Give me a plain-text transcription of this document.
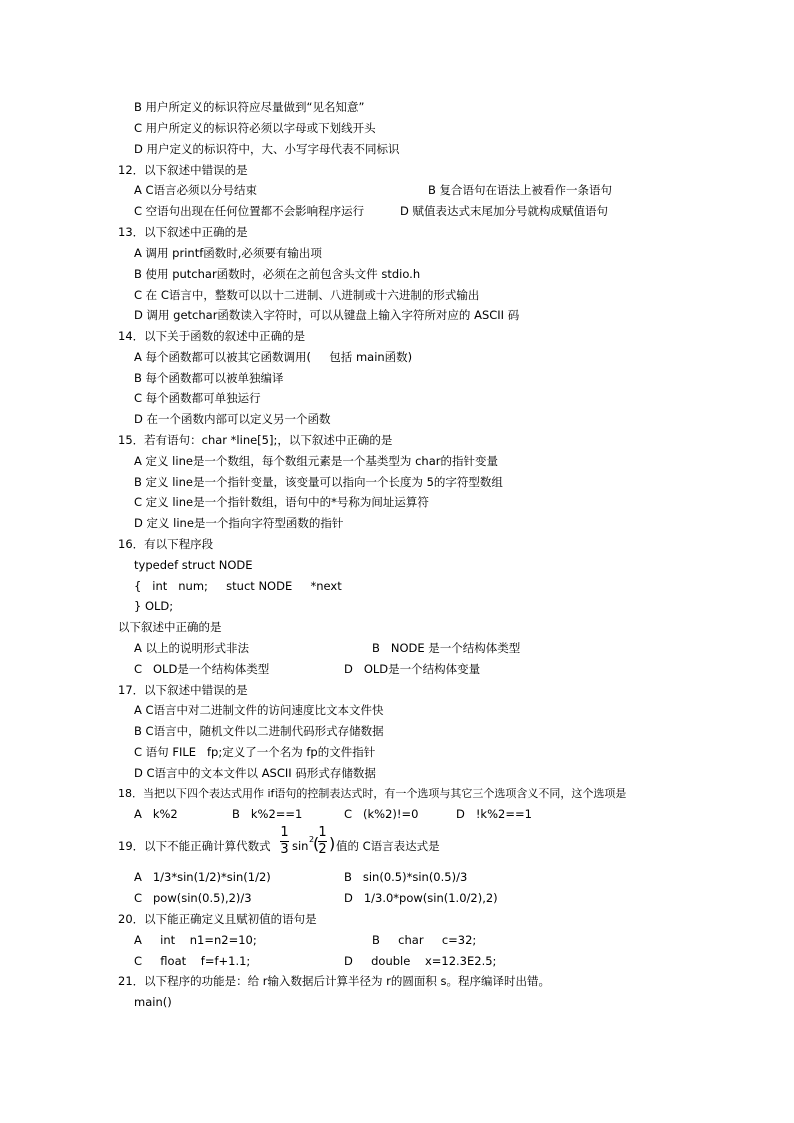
B 用户所定义的标识符应尽量做到“见名知意”
C 用户所定义的标识符必须以字母或下划线开头
D 用户定义的标识符中，大、小写字母代表不同标识
12．以下叙述中错误的是
A C语言必须以分号结束	B 复合语句在语法上被看作一条语句
C 空语句出现在任何位置都不会影响程序运行	D 赋值表达式末尾加分号就构成赋值语句
13．以下叙述中正确的是
A 调用 printf函数时,必须要有输出项
B 使用 putchar函数时，必须在之前包含头文件 stdio.h
C 在 C语言中，整数可以以十二进制、八进制或十六进制的形式输出
D 调用 getchar函数读入字符时，可以从键盘上输入字符所对应的 ASCII 码
14．以下关于函数的叙述中正确的是
A 每个函数都可以被其它函数调用(     包括 main函数)
B 每个函数都可以被单独编译
C 每个函数都可单独运行
D 在一个函数内部可以定义另一个函数
15．若有语句：char *line[5];，以下叙述中正确的是
A 定义 line是一个数组，每个数组元素是一个基类型为 char的指针变量
B 定义 line是一个指针变量，该变量可以指向一个长度为 5的字符型数组
C 定义 line是一个指针数组，语句中的*号称为间址运算符
D 定义 line是一个指向字符型函数的指针
16．有以下程序段
typedef struct NODE
{   int   num;     stuct NODE     *next
} OLD;
以下叙述中正确的是
A 以上的说明形式非法	B   NODE 是一个结构体类型
C   OLD是一个结构体类型	D   OLD是一个结构体变量
17．以下叙述中错误的是
A C语言中对二进制文件的访问速度比文本文件快
B C语言中，随机文件以二进制代码形式存储数据
C 语句 FILE   fp;定义了一个名为 fp的文件指针
D C语言中的文本文件以 ASCII 码形式存储数据
18．当把以下四个表达式用作 if语句的控制表达式时，有一个选项与其它三个选项含义不同，这个选项是
A   k%2	B   k%2==1	C   (k%2)!=0	D   !k%2==1
19．以下不能正确计算代数式
1
3 sin 2
(
1
2 ) 值的 C语言表达式是
A   1/3*sin(1/2)*sin(1/2)	B   sin(0.5)*sin(0.5)/3
C   pow(sin(0.5),2)/3	D   1/3.0*pow(sin(1.0/2),2)
20．以下能正确定义且赋初值的语句是
A     int    n1=n2=10;	B     char     c=32;
C     float    f=f+1.1;	D     double    x=12.3E2.5;
21．以下程序的功能是：给 r输入数据后计算半径为 r的圆面积 s。程序编译时出错。
main()
